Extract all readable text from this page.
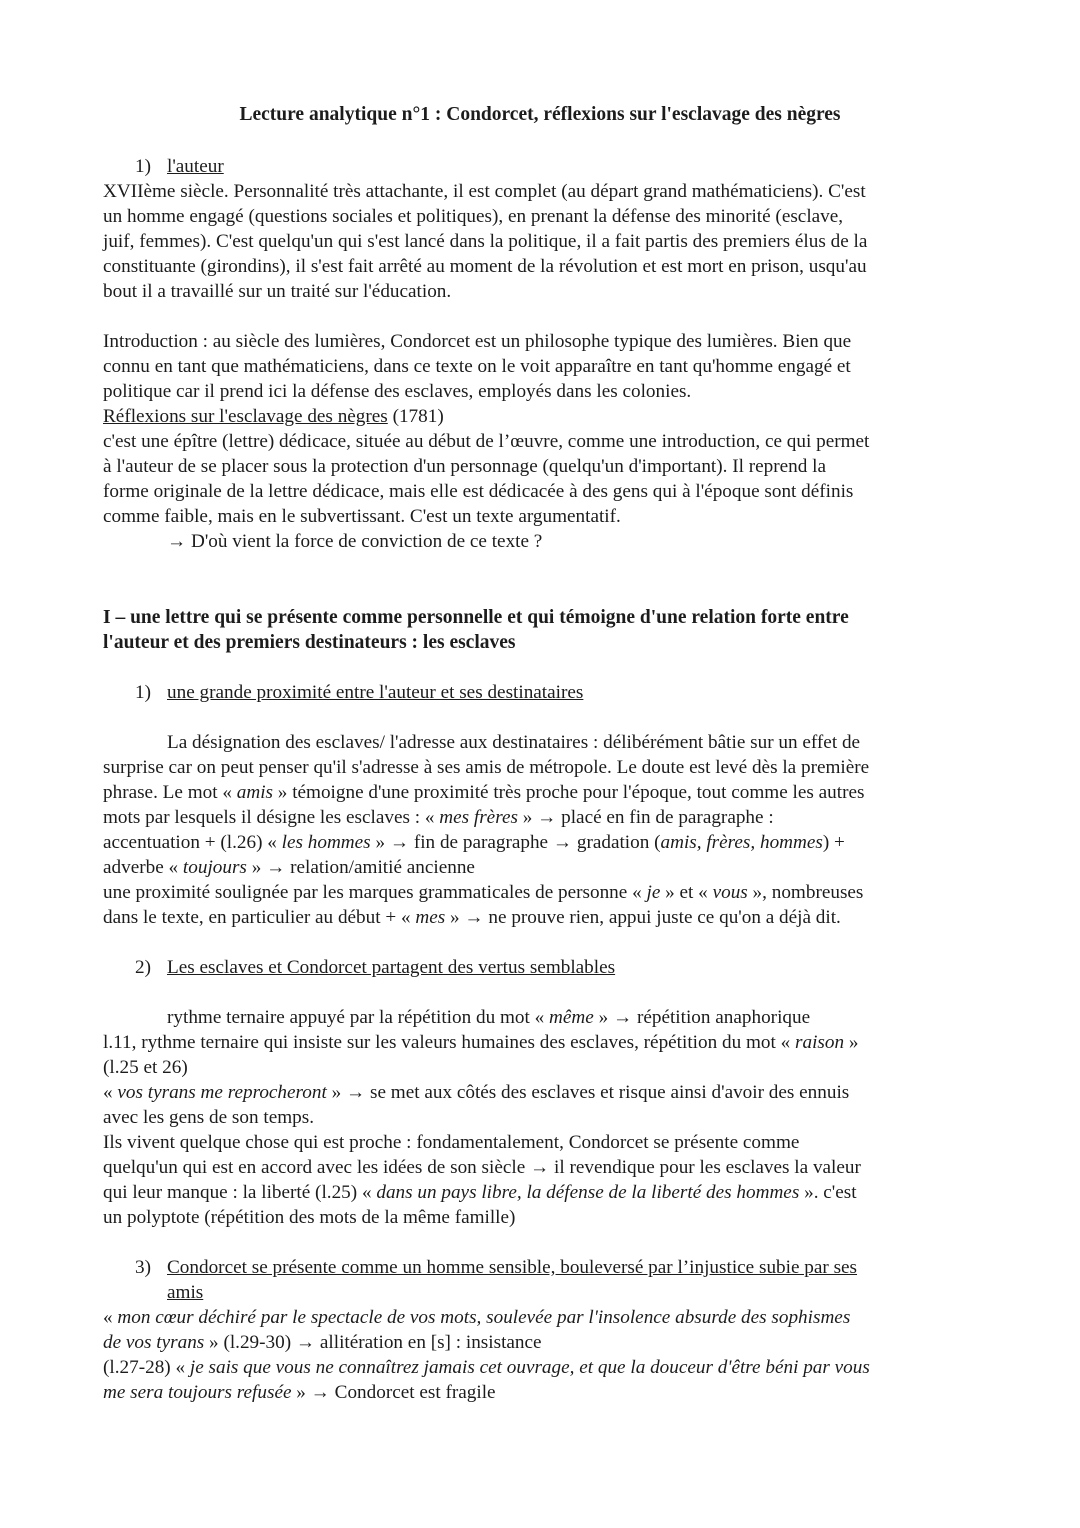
Lecture analytique n°1 : Condorcet, réflexions sur l'esclavage des nègres
1) l'auteur
XVIIème siècle. Personnalité très attachante, il est complet (au départ grand mathématiciens). C'est
un homme engagé (questions sociales et politiques), en prenant la défense des minorité (esclave,
juif, femmes). C'est quelqu'un qui s'est lancé dans la politique, il a fait partis des premiers élus de la
constituante (girondins), il s'est fait arrêté au moment de la révolution et est mort en prison, usqu'au
bout il a travaillé sur un traité sur l'éducation.
Introduction : au siècle des lumières, Condorcet est un philosophe typique des lumières. Bien que
connu en tant que mathématiciens, dans ce texte on le voit apparaître en tant qu'homme engagé et
politique car il prend ici la défense des esclaves, employés dans les colonies.
Réflexions sur l'esclavage des nègres (1781)
c'est une épître (lettre) dédicace, située au début de l’œuvre, comme une introduction, ce qui permet
à l'auteur de se placer sous la protection d'un personnage (quelqu'un d'important). Il reprend la
forme originale de la lettre dédicace, mais elle est dédicacée à des gens qui à l'époque sont définis
comme faible, mais en le subvertissant. C'est un texte argumentatif.
→ D'où vient la force de conviction de ce texte ?
I – une lettre qui se présente comme personnelle et qui témoigne d'une relation forte entre
l'auteur et des premiers destinateurs : les esclaves
1) une grande proximité entre l'auteur et ses destinataires
La désignation des esclaves/ l'adresse aux destinataires : délibérément bâtie sur un effet de
surprise car on peut penser qu'il s'adresse à ses amis de métropole. Le doute est levé dès la première
phrase. Le mot « amis » témoigne d'une proximité très proche pour l'époque, tout comme les autres
mots par lesquels il désigne les esclaves : « mes frères » → placé en fin de paragraphe :
accentuation + (l.26) « les hommes » → fin de paragraphe → gradation (amis, frères, hommes) +
adverbe « toujours » → relation/amitié ancienne
une proximité soulignée par les marques grammaticales de personne « je » et « vous », nombreuses
dans le texte, en particulier au début + « mes » → ne prouve rien, appui juste ce qu'on a déjà dit.
2) Les esclaves et Condorcet partagent des vertus semblables
rythme ternaire appuyé par la répétition du mot « même » → répétition anaphorique
l.11, rythme ternaire qui insiste sur les valeurs humaines des esclaves, répétition du mot « raison »
(l.25 et 26)
« vos tyrans me reprocheront » → se met aux côtés des esclaves et risque ainsi d'avoir des ennuis
avec les gens de son temps.
Ils vivent quelque chose qui est proche : fondamentalement, Condorcet se présente comme
quelqu'un qui est en accord avec les idées de son siècle → il revendique pour les esclaves la valeur
qui leur manque : la liberté (l.25) « dans un pays libre, la défense de la liberté des hommes ». c'est
un polyptote (répétition des mots de la même famille)
3) Condorcet se présente comme un homme sensible, bouleversé par l’injustice subie par ses
amis
« mon cœur déchiré par le spectacle de vos mots, soulevée par l'insolence absurde des sophismes
de vos tyrans » (l.29-30) → allitération en [s] : insistance
(l.27-28) « je sais que vous ne connaîtrez jamais cet ouvrage, et que la douceur d'être béni par vous
me sera toujours refusée » → Condorcet est fragile
